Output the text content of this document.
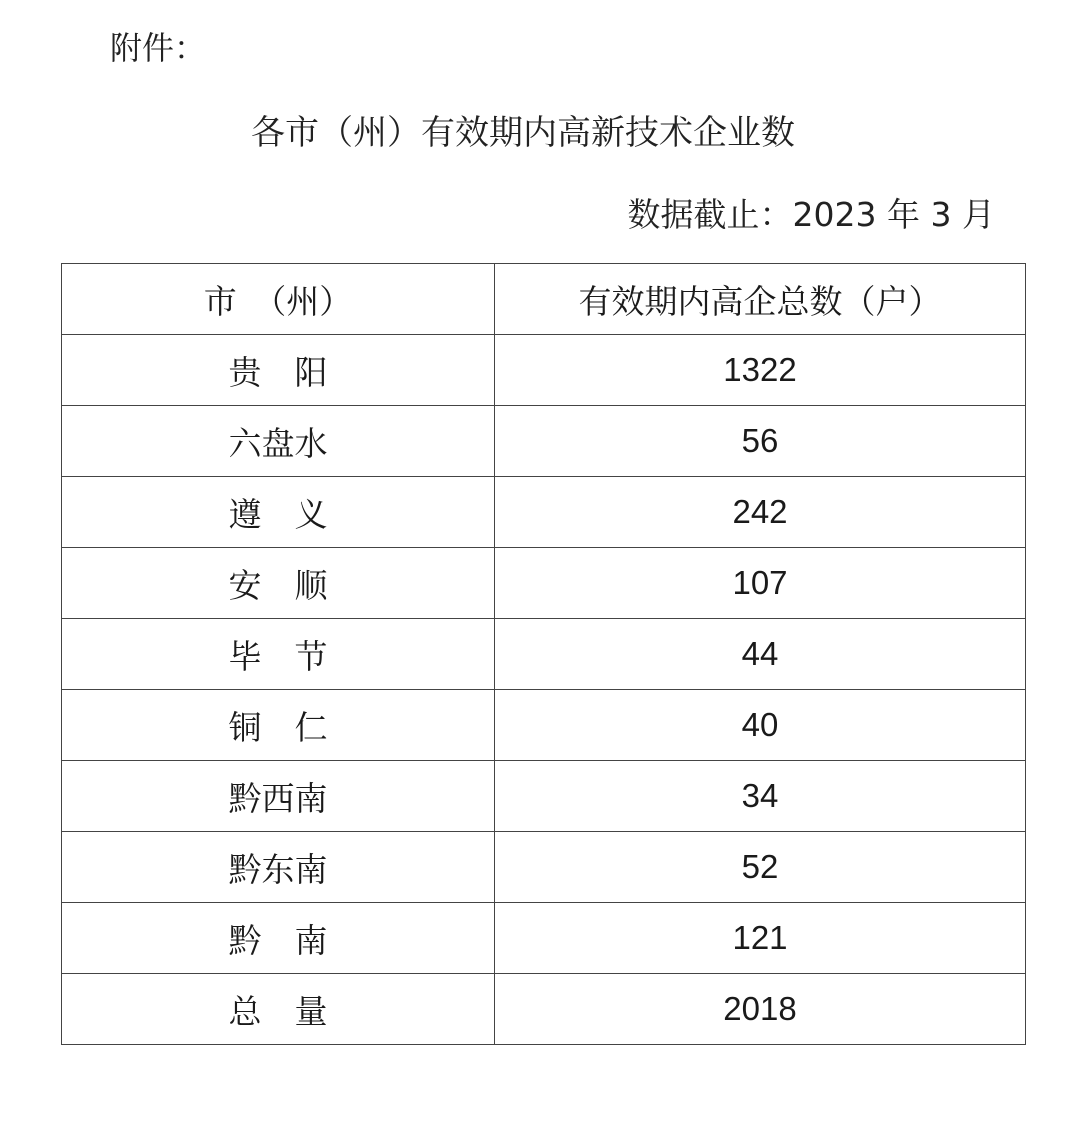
附件：
各市（州）有效期内高新技术企业数
数据截止：2023 年 3 月
市　（州）	有效期内高企总数（户）
贵　阳	1322
六盘水	56
遵　义	242
安　顺	107
毕　节	44
铜　仁	40
黔西南	34
黔东南	52
黔　南	121
总　量	2018
